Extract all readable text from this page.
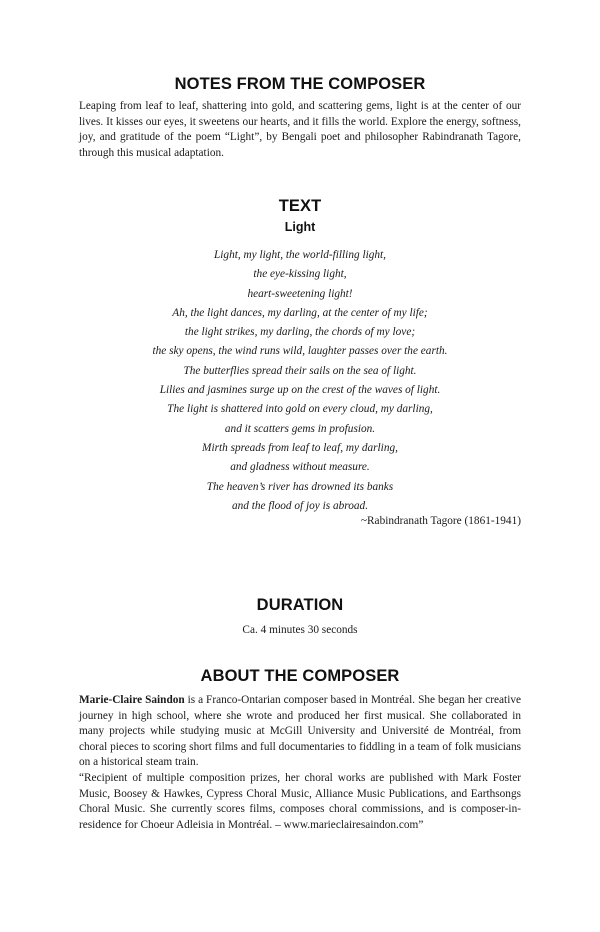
NOTES FROM THE COMPOSER
Leaping from leaf to leaf, shattering into gold, and scattering gems, light is at the center of our lives. It kisses our eyes, it sweetens our hearts, and it fills the world. Explore the energy, softness, joy, and gratitude of the poem “Light”, by Bengali poet and philosopher Rabindranath Tagore, through this musical adaptation.
TEXT
Light
Light, my light, the world-filling light,
the eye-kissing light,
heart-sweetening light!
Ah, the light dances, my darling, at the center of my life;
the light strikes, my darling, the chords of my love;
the sky opens, the wind runs wild, laughter passes over the earth.
The butterflies spread their sails on the sea of light.
Lilies and jasmines surge up on the crest of the waves of light.
The light is shattered into gold on every cloud, my darling,
and it scatters gems in profusion.
Mirth spreads from leaf to leaf, my darling,
and gladness without measure.
The heaven’s river has drowned its banks
and the flood of joy is abroad.
~Rabindranath Tagore (1861-1941)
DURATION
Ca. 4 minutes 30 seconds
ABOUT THE COMPOSER
Marie-Claire Saindon is a Franco-Ontarian composer based in Montréal. She began her creative journey in high school, where she wrote and produced her first musical. She collaborated in many projects while studying music at McGill University and Université de Montréal, from choral pieces to scoring short films and full documentaries to fiddling in a team of folk musicians on a historical steam train.
“Recipient of multiple composition prizes, her choral works are published with Mark Foster Music, Boosey & Hawkes, Cypress Choral Music, Alliance Music Publications, and Earthsongs Choral Music. She currently scores films, composes choral commissions, and is composer-in-residence for Choeur Adleisia in Montréal. – www.marieclairesaindon.com”
